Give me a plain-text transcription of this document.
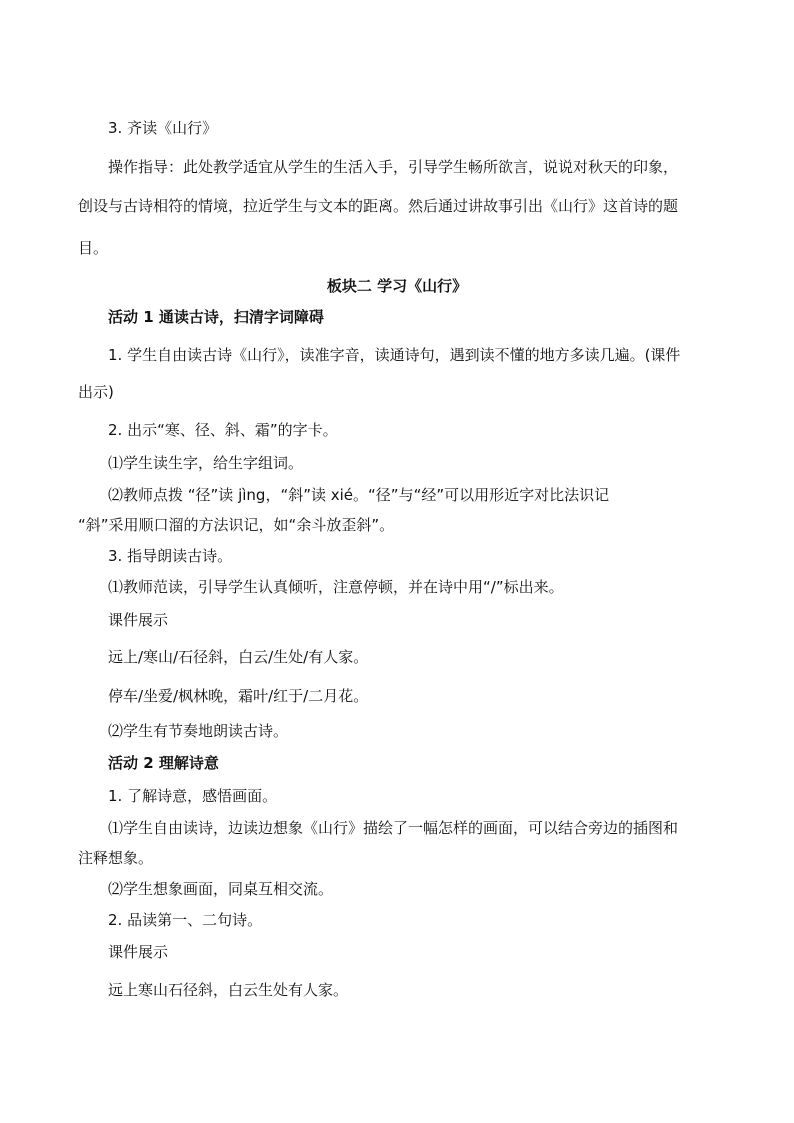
3. 齐读《山行》
操作指导：此处教学适宜从学生的生活入手，引导学生畅所欲言，说说对秋天的印象，
创设与古诗相符的情境，拉近学生与文本的距离。然后通过讲故事引出《山行》这首诗的题
目。
板块二 学习《山行》
活动 1 通读古诗，扫清字词障碍
1. 学生自由读古诗《山行》，读准字音，读通诗句，遇到读不懂的地方多读几遍。(课件
出示)
2. 出示“寒、径、斜、霜”的字卡。
⑴学生读生字，给生字组词。
⑵教师点拨 “径”读 jìng，“斜”读 xié。“径”与“经”可以用形近字对比法识记
“斜”采用顺口溜的方法识记，如“余斗放歪斜”。
3. 指导朗读古诗。
⑴教师范读，引导学生认真倾听，注意停顿，并在诗中用“/”标出来。
课件展示
远上/寒山/石径斜，白云/生处/有人家。
停车/坐爱/枫林晚，霜叶/红于/二月花。
⑵学生有节奏地朗读古诗。
活动 2 理解诗意
1. 了解诗意，感悟画面。
⑴学生自由读诗，边读边想象《山行》描绘了一幅怎样的画面，可以结合旁边的插图和
注释想象。
⑵学生想象画面，同桌互相交流。
2. 品读第一、二句诗。
课件展示
远上寒山石径斜，白云生处有人家。
